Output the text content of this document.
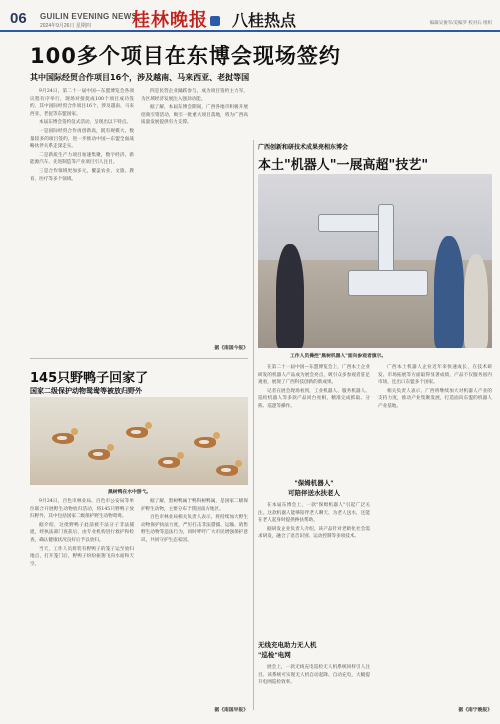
06 GUILIN EVENING NEWS
2024年9月26日 星期四 桂林晚报	八桂热点	编辑吴俊军/美编罗 校对石 组织
100多个项目在东博会现场签约
其中国际经贸合作项目16个，涉及越南、马来西亚、老挝等国

9月24日，第二十一届中国—东盟博览会各项议程有序举行，现场对接促成100个项目成功签约，其中国际经贸合作项目16个，涉及越南、马来西亚、老挝等东盟国家。

本届东博会签约仪式活动，呈现出以下特点。

一是国际经贸合作再创新高，既有规模大、数量较多的项目签约，进一步推动中国—东盟全面战略伙伴关系走深走实。

二是新质生产力项目加速集聚，数字经济、新能源汽车、先进制造等产业项目引人注目。

三是合作领域更加多元，覆盖农业、文旅、教育、医疗等多个领域。

四是民营企业踊跃参与，成为项目签约主力军，为区域经济发展注入强劲动能。

据了解，本届东博会期间，广西各地市积极开展招商引资活动，吸引一批重大项目落地，将为广西高质量发展提供有力支撑。

据《南国今报》
145只野鸭子回家了
国家二级保护动物鸳鸯等被放归野外
黑树鸭在水中游弋。

9月24日，百色市林业局、百色市公安局等单位联合开展野生动物放归活动，将145只野鸭子放归野外，其中包括国家二级保护野生动物鸳鸯。

据介绍，这批野鸭子此前被不法分子非法捕捉，经执法部门查获后，由专业机构进行救护和检查，确认健康状况良好后予以放归。

当天，工作人员将装有野鸭子的笼子运至放归地点，打开笼门后，野鸭子纷纷振翅飞向水面和天空。

据了解，黑树鸭属于鸭科树鸭属，是国家二级保护野生动物，主要分布于我国南方地区。

百色市林业局相关负责人表示，将持续加大野生动物保护执法力度，严厉打击非法猎捕、运输、销售野生动物等违法行为，同时呼吁广大市民增强保护意识，共同守护生态家园。

据《南国早报》
广西创新和研技术成果亮相东博会
本土"机器人"一展高超"技艺"
工作人员操控"黑树机器人"面向参观者演示。

在第二十一届中国—东盟博览会上，广西本土企业研发的机器人产品成为展会亮点，吸引众多参观者驻足观看，展现了广西科技创新的新成果。

记者在展会现场看到，工业机器人、服务机器人、巡检机器人等多款产品同台亮相，精准完成抓取、分拣、巡逻等操作。

"保姆机器人"
可陪伴送水扶老人

在本届东博会上，一款"保姆机器人"引起广泛关注。这款机器人能够陪伴老人聊天、为老人送水，还能在老人起身时提供搀扶帮助。

据研发企业负责人介绍，该产品针对老龄化社会需求研发，融合了语音识别、运动控制等多项技术。

无线充电助力无人机
"巡检"电网

展会上，一款无线充电巡检无人机系统同样引人注目。该系统可实现无人机自动起降、自动充电，大幅提升电网巡检效率。

广西本土机器人企业近年来快速成长，在技术研发、市场拓展等方面取得显著成绩，产品不仅服务国内市场，还出口东盟多个国家。

相关负责人表示，广西将继续加大对机器人产业的支持力度，推动产业集聚发展，打造面向东盟的机器人产业基地。

据《南宁晚报》
